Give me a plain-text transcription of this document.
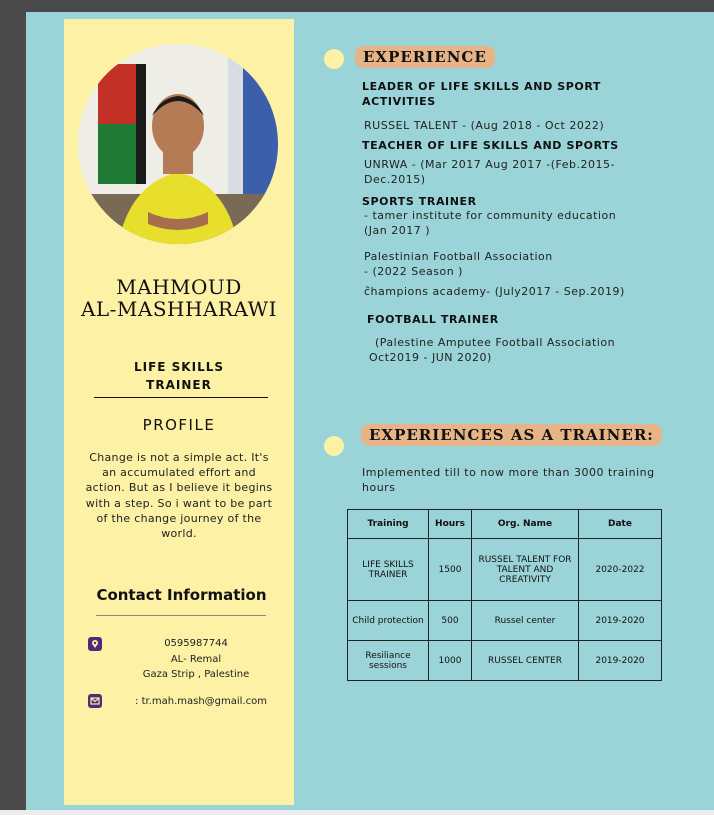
MAHMOUD
AL-MASHHARAWI
LIFE SKILLS
TRAINER
PROFILE
Change is not a simple act. It's an accumulated effort and action. But as I believe it begins with a step. So i want to be part of the change journey of the world.
Contact Information
0595987744
AL- Remal
Gaza Strip , Palestine
: tr.mah.mash@gmail.com
EXPERIENCE
LEADER OF LIFE SKILLS AND SPORT ACTIVITIES
RUSSEL TALENT - (Aug 2018 - Oct 2022)
TEACHER OF LIFE SKILLS AND SPORTS
UNRWA - (Mar 2017 Aug 2017 -(Feb.2015-Dec.2015)
SPORTS TRAINER
- tamer institute for community education (Jan 2017 )
Palestinian Football Association
- (2022 Season )
ĉhampions academy- (July2017 - Sep.2019)
FOOTBALL TRAINER
(Palestine Amputee Football Association Oct2019 - JUN 2020)
EXPERIENCES AS A TRAINER:
Implemented till to now more than 3000 training hours
Training	Hours	Org. Name	Date
LIFE SKILLS TRAINER	1500	RUSSEL TALENT FOR TALENT AND CREATIVITY	2020-2022
Child protection	500	Russel center	2019-2020
Resiliance sessions	1000	RUSSEL CENTER	2019-2020
